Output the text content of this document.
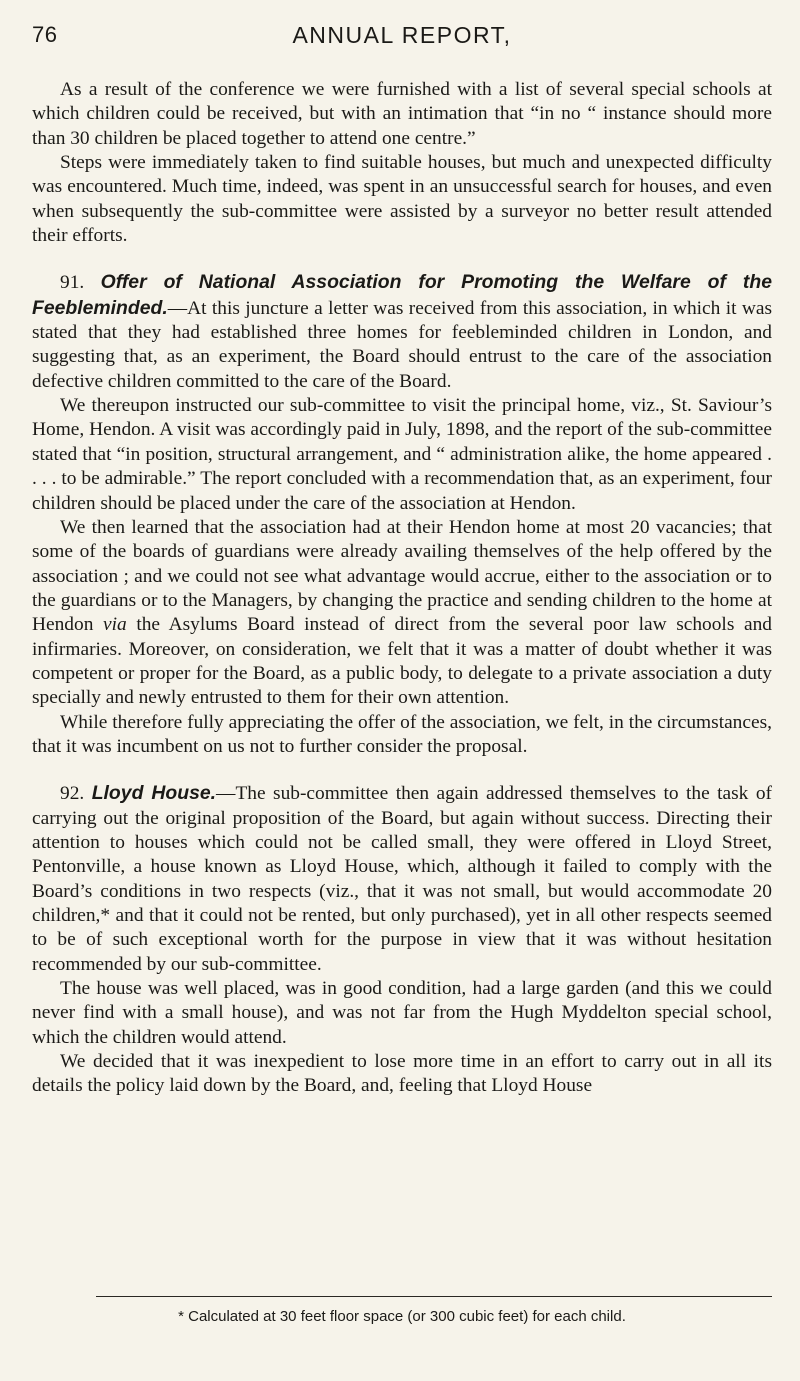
76	ANNUAL REPORT,

As a result of the conference we were furnished with a list of several special schools at which children could be received, but with an intimation that “in no “ instance should more than 30 children be placed together to attend one centre.”

Steps were immediately taken to find suitable houses, but much and unexpected difficulty was encountered. Much time, indeed, was spent in an unsuccessful search for houses, and even when subsequently the sub-committee were assisted by a surveyor no better result attended their efforts.

91. Offer of National Association for Promoting the Welfare of the Feebleminded.—At this juncture a letter was received from this association, in which it was stated that they had established three homes for feebleminded children in London, and suggesting that, as an experiment, the Board should entrust to the care of the association defective children committed to the care of the Board.

We thereupon instructed our sub-committee to visit the principal home, viz., St. Saviour’s Home, Hendon. A visit was accordingly paid in July, 1898, and the report of the sub-committee stated that “in position, structural arrangement, and “ administration alike, the home appeared . . . . to be admirable.” The report concluded with a recommendation that, as an experiment, four children should be placed under the care of the association at Hendon.

We then learned that the association had at their Hendon home at most 20 vacancies; that some of the boards of guardians were already availing themselves of the help offered by the association ; and we could not see what advantage would accrue, either to the association or to the guardians or to the Managers, by changing the practice and sending children to the home at Hendon via the Asylums Board instead of direct from the several poor law schools and infirmaries. Moreover, on consideration, we felt that it was a matter of doubt whether it was competent or proper for the Board, as a public body, to delegate to a private association a duty specially and newly entrusted to them for their own attention.

While therefore fully appreciating the offer of the association, we felt, in the circumstances, that it was incumbent on us not to further consider the proposal.

92. Lloyd House.—The sub-committee then again addressed themselves to the task of carrying out the original proposition of the Board, but again without success. Directing their attention to houses which could not be called small, they were offered in Lloyd Street, Pentonville, a house known as Lloyd House, which, although it failed to comply with the Board’s conditions in two respects (viz., that it was not small, but would accommodate 20 children,* and that it could not be rented, but only purchased), yet in all other respects seemed to be of such exceptional worth for the purpose in view that it was without hesitation recommended by our sub-committee.

The house was well placed, was in good condition, had a large garden (and this we could never find with a small house), and was not far from the Hugh Myddelton special school, which the children would attend.

We decided that it was inexpedient to lose more time in an effort to carry out in all its details the policy laid down by the Board, and, feeling that Lloyd House

* Calculated at 30 feet floor space (or 300 cubic feet) for each child.
